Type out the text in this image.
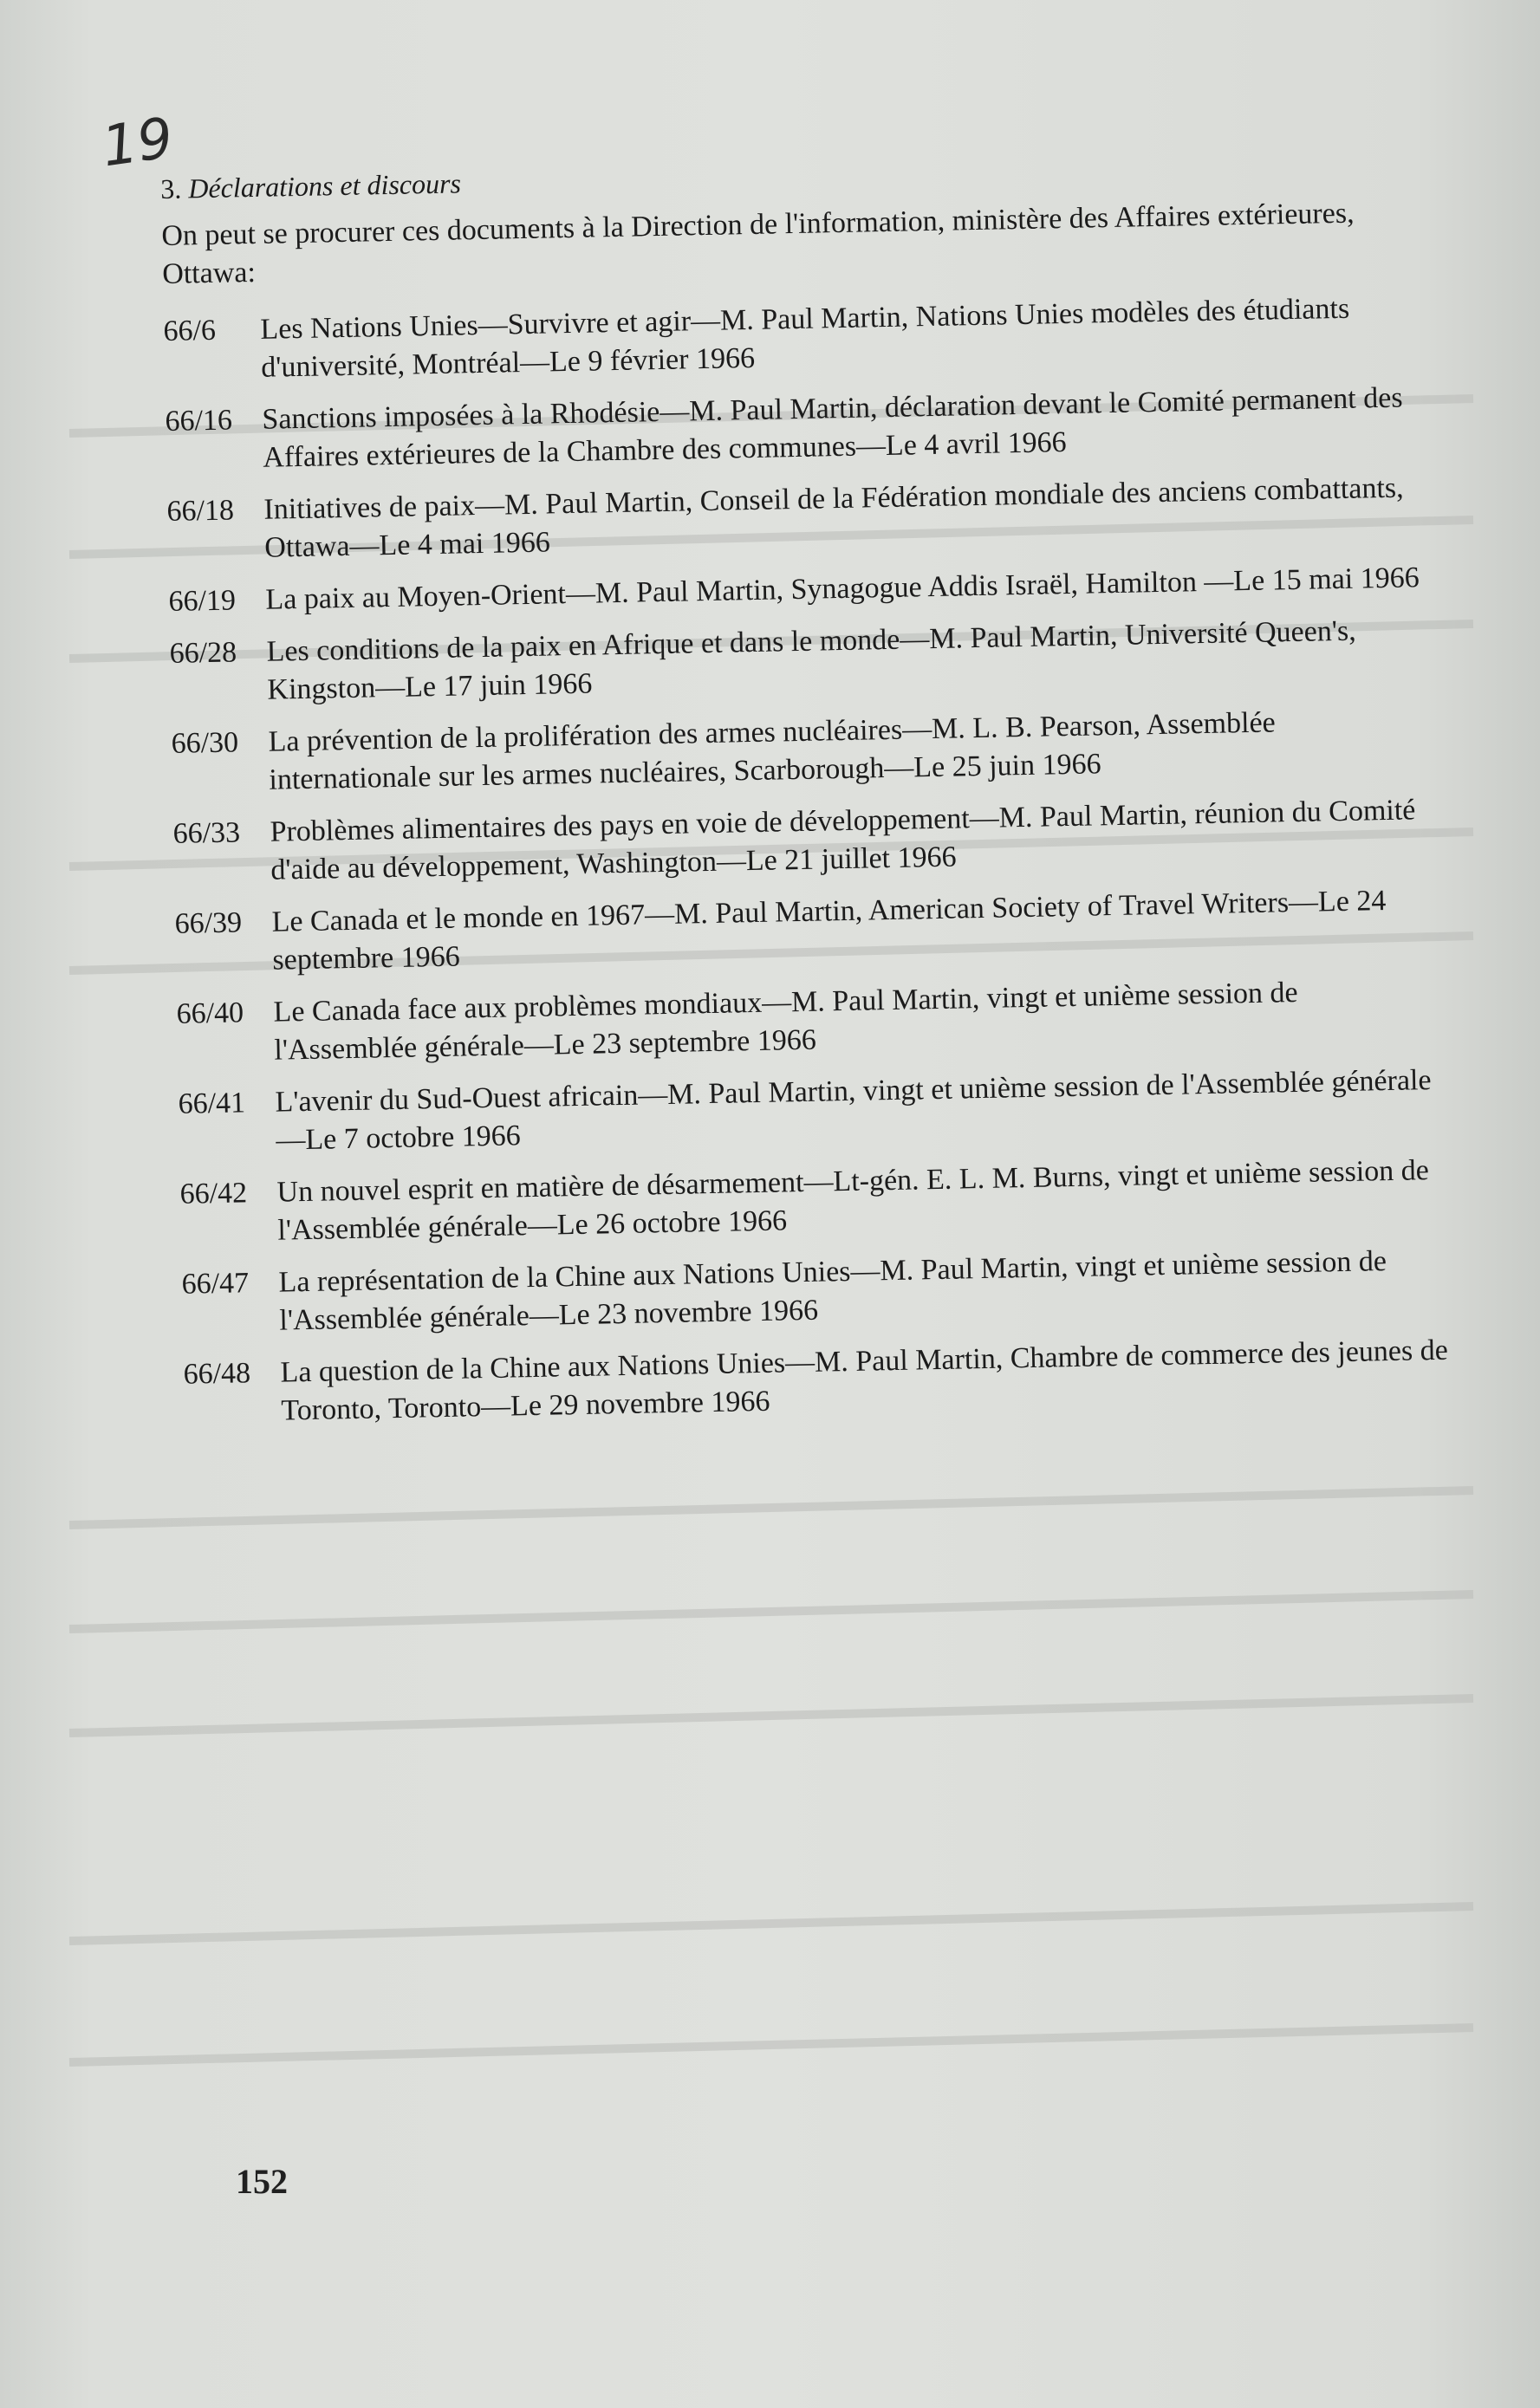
19
3. Déclarations et discours

On peut se procurer ces documents à la Direction de l'information, ministère des Affaires extérieures, Ottawa:

66/6	Les Nations Unies—Survivre et agir—M. Paul Martin, Nations Unies modèles des étudiants d'université, Montréal—Le 9 février 1966
66/16 Sanctions imposées à la Rhodésie—M. Paul Martin, déclaration devant le Comité permanent des Affaires extérieures de la Chambre des communes—Le 4 avril 1966
66/18 Initiatives de paix—M. Paul Martin, Conseil de la Fédération mondiale des anciens combattants, Ottawa—Le 4 mai 1966
66/19 La paix au Moyen-Orient—M. Paul Martin, Synagogue Addis Israël, Hamilton —Le 15 mai 1966
66/28 Les conditions de la paix en Afrique et dans le monde—M. Paul Martin, Université Queen's, Kingston—Le 17 juin 1966
66/30 La prévention de la prolifération des armes nucléaires—M. L. B. Pearson, Assemblée internationale sur les armes nucléaires, Scarborough—Le 25 juin 1966
66/33 Problèmes alimentaires des pays en voie de développement—M. Paul Martin, réunion du Comité d'aide au développement, Washington—Le 21 juillet 1966
66/39 Le Canada et le monde en 1967—M. Paul Martin, American Society of Travel Writers—Le 24 septembre 1966
66/40 Le Canada face aux problèmes mondiaux—M. Paul Martin, vingt et unième session de l'Assemblée générale—Le 23 septembre 1966
66/41 L'avenir du Sud-Ouest africain—M. Paul Martin, vingt et unième session de l'Assemblée générale—Le 7 octobre 1966
66/42 Un nouvel esprit en matière de désarmement—Lt-gén. E. L. M. Burns, vingt et unième session de l'Assemblée générale—Le 26 octobre 1966
66/47 La représentation de la Chine aux Nations Unies—M. Paul Martin, vingt et unième session de l'Assemblée générale—Le 23 novembre 1966
66/48 La question de la Chine aux Nations Unies—M. Paul Martin, Chambre de commerce des jeunes de Toronto, Toronto—Le 29 novembre 1966
152
